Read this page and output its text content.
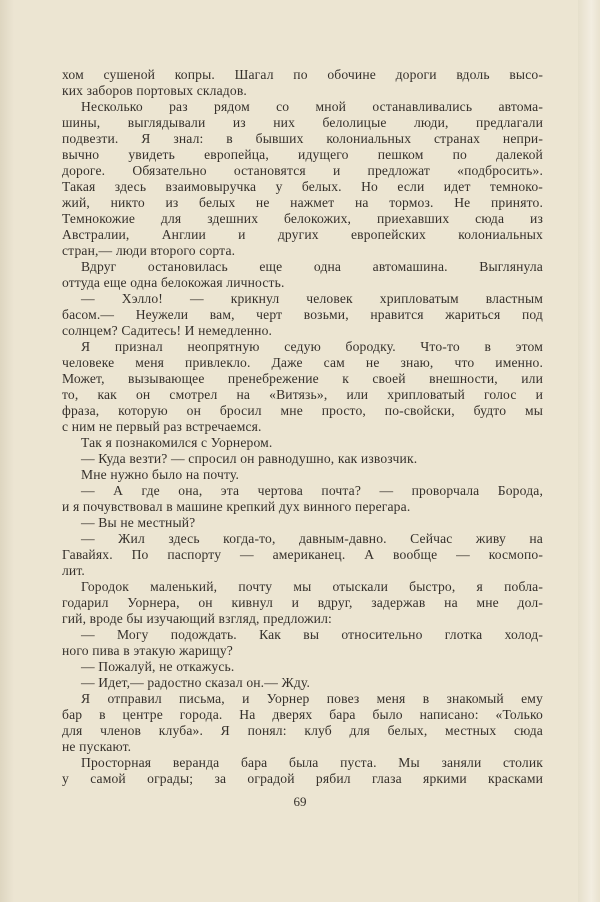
хом сушеной копры. Шагал по обочине дороги вдоль высо-
ких заборов портовых складов.
Несколько раз рядом со мной останавливались автома-
шины, выглядывали из них белолицые люди, предлагали
подвезти. Я знал: в бывших колониальных странах непри-
вычно увидеть европейца, идущего пешком по далекой
дороге. Обязательно остановятся и предложат «подбросить».
Такая здесь взаимовыручка у белых. Но если идет темноко-
жий, никто из белых не нажмет на тормоз. Не принято.
Темнокожие для здешних белокожих, приехавших сюда из
Австралии, Англии и других европейских колониальных
стран,— люди второго сорта.
Вдруг остановилась еще одна автомашина. Выглянула
оттуда еще одна белокожая личность.
— Хэлло! — крикнул человек хрипловатым властным
басом.— Неужели вам, черт возьми, нравится жариться под
солнцем? Садитесь! И немедленно.
Я признал неопрятную седую бородку. Что-то в этом
человеке меня привлекло. Даже сам не знаю, что именно.
Может, вызывающее пренебрежение к своей внешности, или
то, как он смотрел на «Витязь», или хрипловатый голос и
фраза, которую он бросил мне просто, по-свойски, будто мы
с ним не первый раз встречаемся.
Так я познакомился с Уорнером.
— Куда везти? — спросил он равнодушно, как извозчик.
Мне нужно было на почту.
— А где она, эта чертова почта? — проворчала Борода,
и я почувствовал в машине крепкий дух винного перегара.
— Вы не местный?
— Жил здесь когда-то, давным-давно. Сейчас живу на
Гавайях. По паспорту — американец. А вообще — космопо-
лит.
Городок маленький, почту мы отыскали быстро, я побла-
годарил Уорнера, он кивнул и вдруг, задержав на мне дол-
гий, вроде бы изучающий взгляд, предложил:
— Могу подождать. Как вы относительно глотка холод-
ного пива в этакую жарищу?
— Пожалуй, не откажусь.
— Идет,— радостно сказал он.— Жду.
Я отправил письма, и Уорнер повез меня в знакомый ему
бар в центре города. На дверях бара было написано: «Только
для членов клуба». Я понял: клуб для белых, местных сюда
не пускают.
Просторная веранда бара была пуста. Мы заняли столик
у самой ограды; за оградой рябил глаза яркими красками
69
